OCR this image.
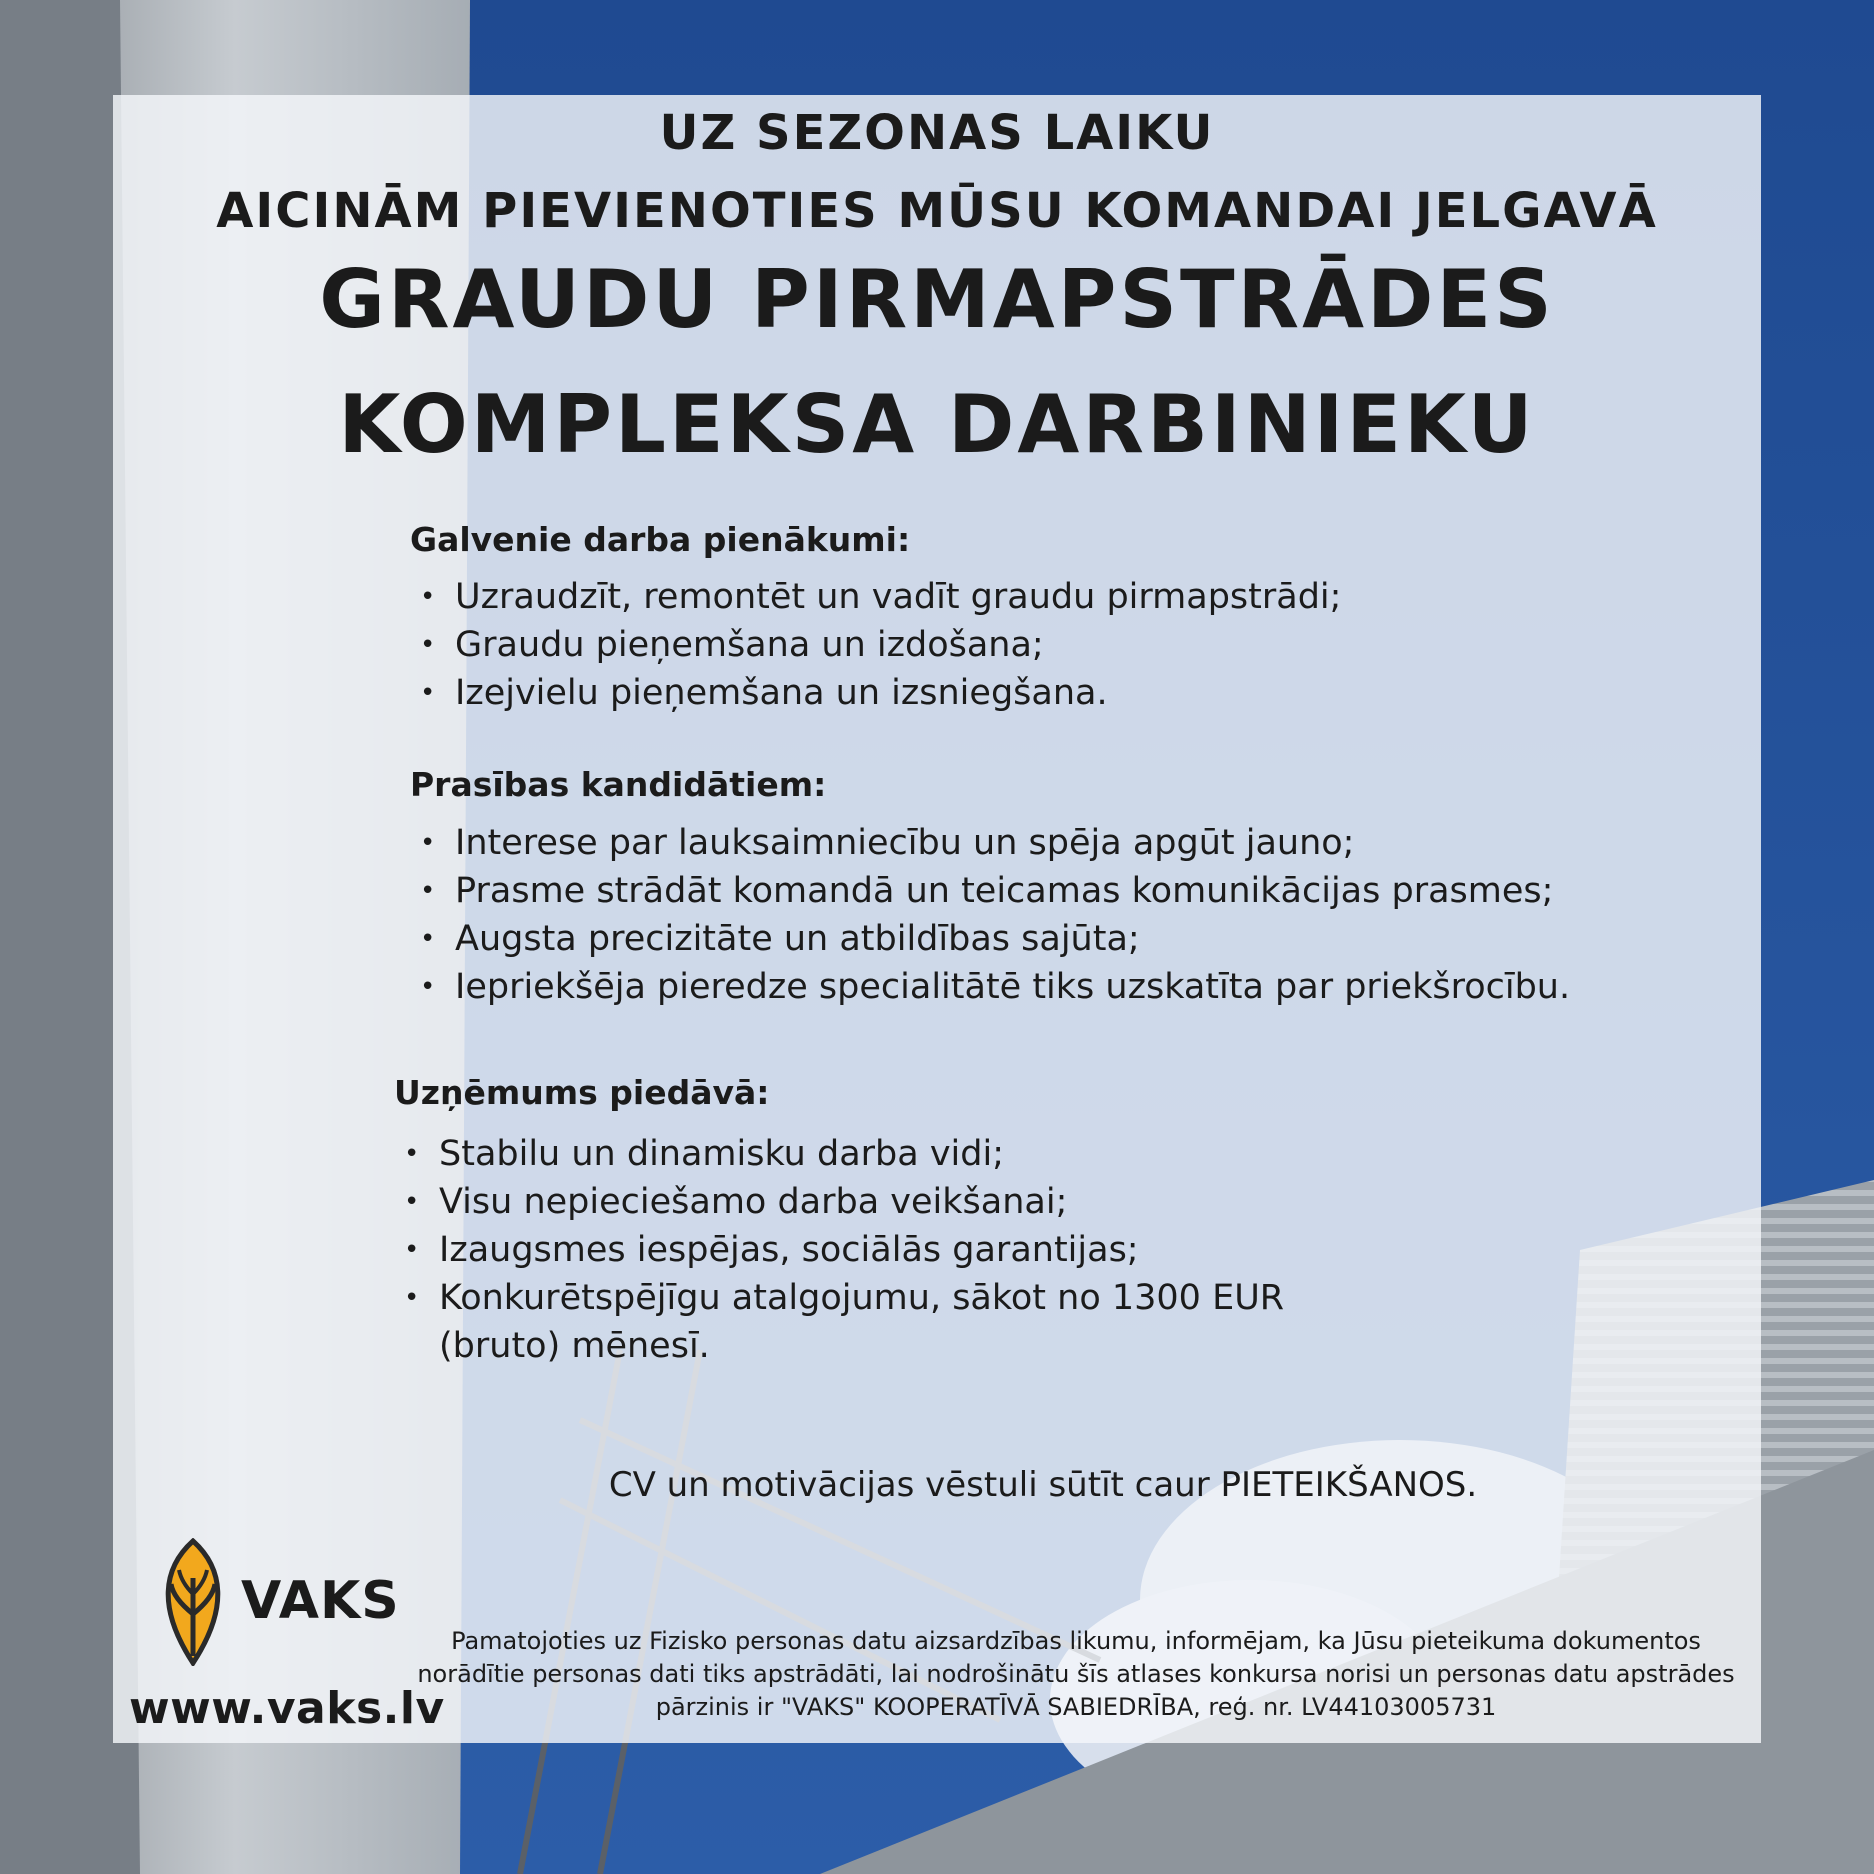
UZ SEZONAS LAIKU

AICINĀM PIEVIENOTIES MŪSU KOMANDAI JELGAVĀ

GRAUDU PIRMAPSTRĀDES
KOMPLEKSA DARBINIEKU
Galvenie darba pienākumi:
• Uzraudzīt, remontēt un vadīt graudu pirmapstrādi;
• Graudu pieņemšana un izdošana;
• Izejvielu pieņemšana un izsniegšana.
Prasības kandidātiem:
• Interese par lauksaimniecību un spēja apgūt jauno;
• Prasme strādāt komandā un teicamas komunikācijas prasmes;
• Augsta precizitāte un atbildības sajūta;
• Iepriekšēja pieredze specialitātē tiks uzskatīta par priekšrocību.
Uzņēmums piedāvā:
• Stabilu un dinamisku darba vidi;
• Visu nepieciešamo darba veikšanai;
• Izaugsmes iespējas, sociālās garantijas;
• Konkurētspējīgu atalgojumu, sākot no 1300 EUR (bruto) mēnesī.

CV un motivācijas vēstuli sūtīt caur PIETEIKŠANOS.

VAKS
www.vaks.lv

Pamatojoties uz Fizisko personas datu aizsardzības likumu, informējam, ka Jūsu pieteikuma dokumentos norādītie personas dati tiks apstrādāti, lai nodrošinātu šīs atlases konkursa norisi un personas datu apstrādes pārzinis ir "VAKS" KOOPERATĪVĀ SABIEDRĪBA, reģ. nr. LV44103005731
